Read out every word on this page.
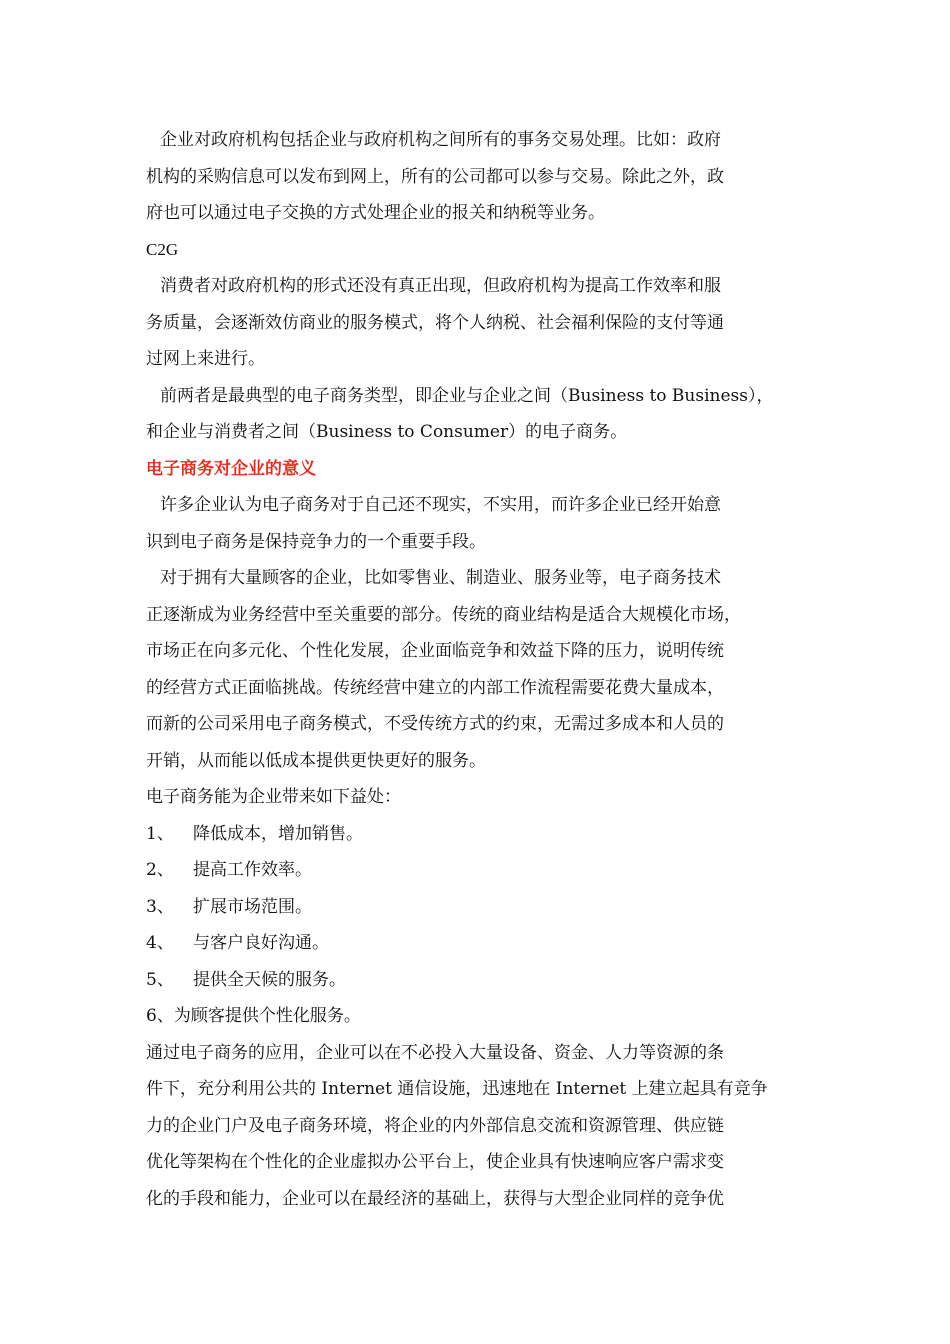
企业对政府机构包括企业与政府机构之间所有的事务交易处理。比如：政府
机构的采购信息可以发布到网上，所有的公司都可以参与交易。除此之外，政
府也可以通过电子交换的方式处理企业的报关和纳税等业务。
C2G
消费者对政府机构的形式还没有真正出现，但政府机构为提高工作效率和服
务质量，会逐渐效仿商业的服务模式，将个人纳税、社会福利保险的支付等通
过网上来进行。
前两者是最典型的电子商务类型，即企业与企业之间（Business to Business），
和企业与消费者之间（Business to Consumer）的电子商务。
电子商务对企业的意义
许多企业认为电子商务对于自己还不现实，不实用，而许多企业已经开始意
识到电子商务是保持竞争力的一个重要手段。
对于拥有大量顾客的企业，比如零售业、制造业、服务业等，电子商务技术
正逐渐成为业务经营中至关重要的部分。传统的商业结构是适合大规模化市场，
市场正在向多元化、个性化发展，企业面临竞争和效益下降的压力，说明传统
的经营方式正面临挑战。传统经营中建立的内部工作流程需要花费大量成本，
而新的公司采用电子商务模式，不受传统方式的约束，无需过多成本和人员的
开销，从而能以低成本提供更快更好的服务。
电子商务能为企业带来如下益处：
1、	降低成本，增加销售。
2、	提高工作效率。
3、	扩展市场范围。
4、	与客户良好沟通。
5、	提供全天候的服务。
6、为顾客提供个性化服务。
通过电子商务的应用，企业可以在不必投入大量设备、资金、人力等资源的条
件下，充分利用公共的 Internet 通信设施，迅速地在 Internet 上建立起具有竞争
力的企业门户及电子商务环境，将企业的内外部信息交流和资源管理、供应链
优化等架构在个性化的企业虚拟办公平台上，使企业具有快速响应客户需求变
化的手段和能力，企业可以在最经济的基础上，获得与大型企业同样的竞争优
